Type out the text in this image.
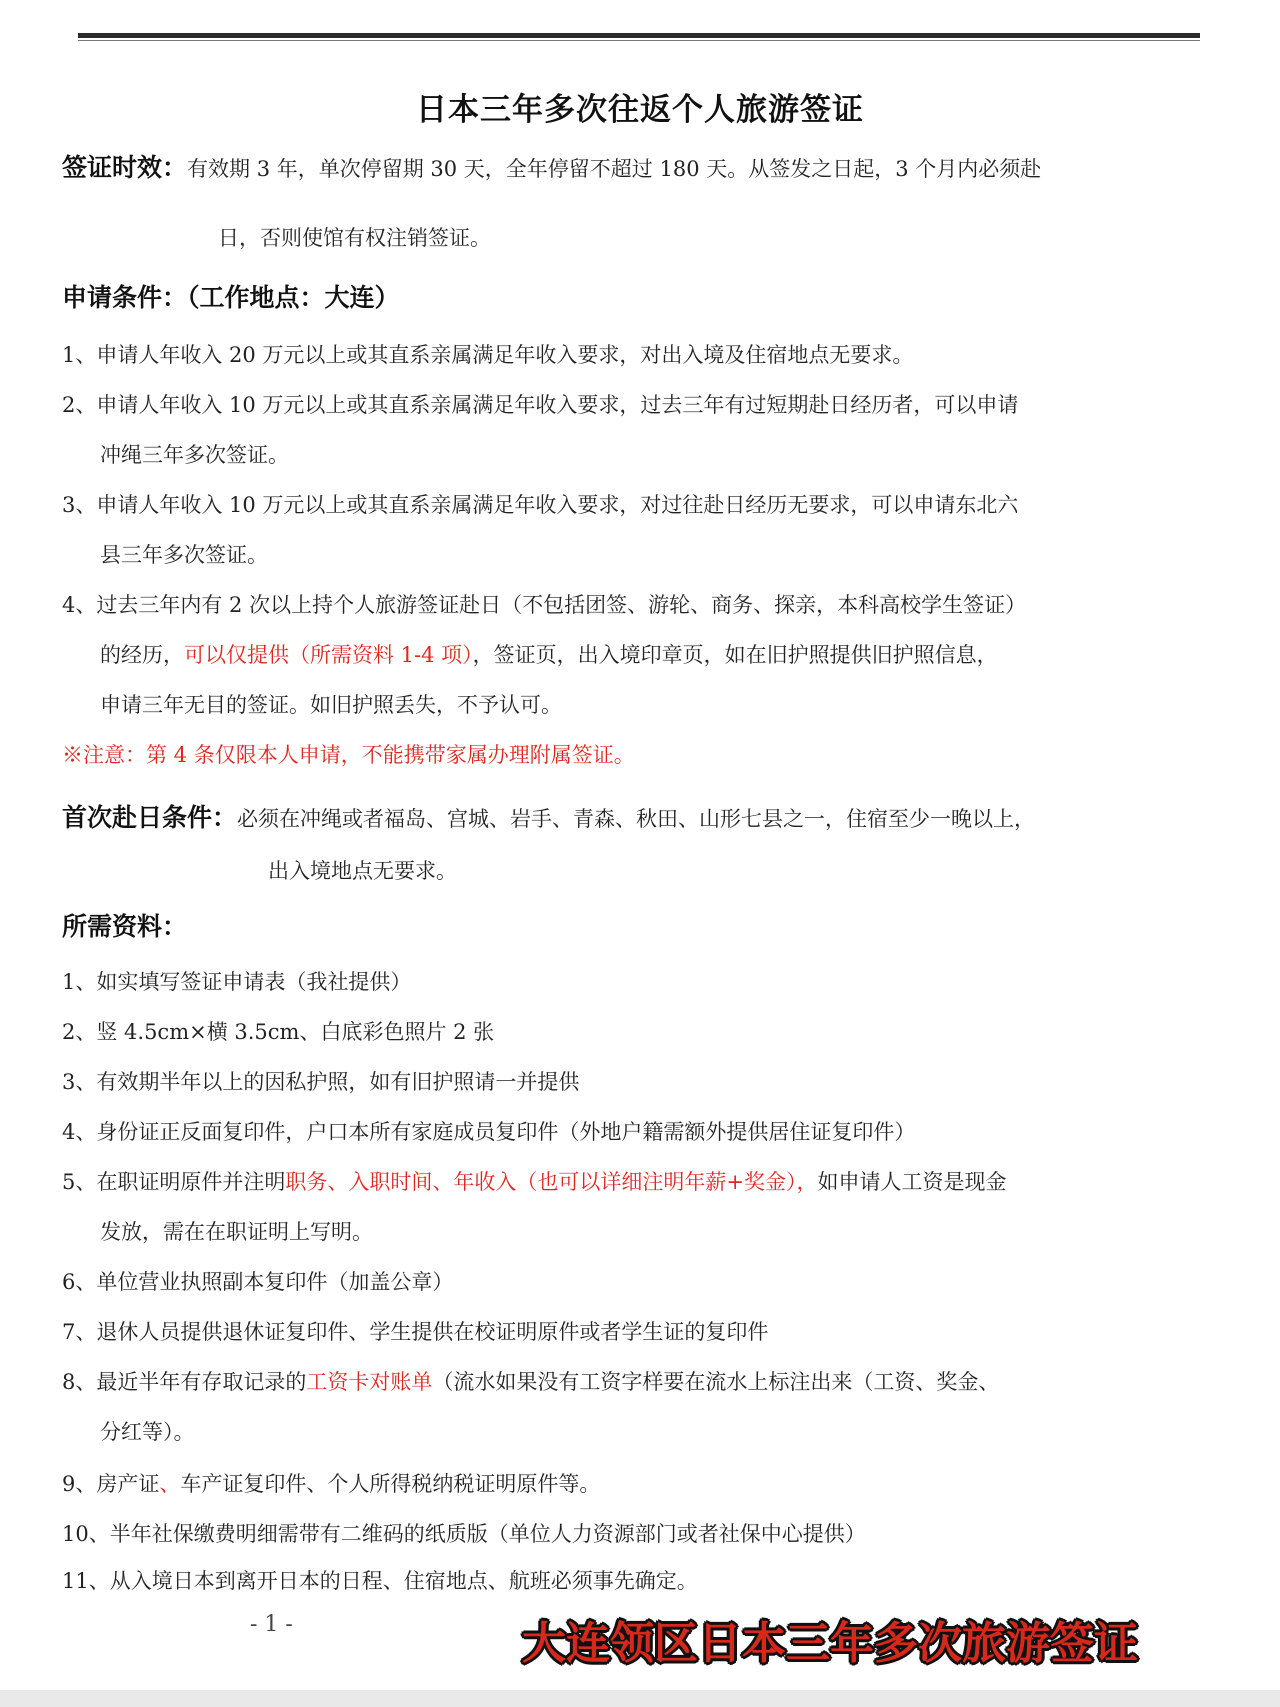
日本三年多次往返个人旅游签证
签证时效：有效期 3 年，单次停留期 30 天，全年停留不超过 180 天。从签发之日起，3 个月内必须赴
日，否则使馆有权注销签证。
申请条件：（工作地点：大连）
1、申请人年收入 20 万元以上或其直系亲属满足年收入要求，对出入境及住宿地点无要求。
2、申请人年收入 10 万元以上或其直系亲属满足年收入要求，过去三年有过短期赴日经历者，可以申请
冲绳三年多次签证。
3、申请人年收入 10 万元以上或其直系亲属满足年收入要求，对过往赴日经历无要求，可以申请东北六
县三年多次签证。
4、过去三年内有 2 次以上持个人旅游签证赴日（不包括团签、游轮、商务、探亲，本科高校学生签证）
的经历，可以仅提供（所需资料 1-4 项），签证页，出入境印章页，如在旧护照提供旧护照信息，
申请三年无目的签证。如旧护照丢失，不予认可。
※注意：第 4 条仅限本人申请，不能携带家属办理附属签证。
首次赴日条件：必须在冲绳或者福岛、宫城、岩手、青森、秋田、山形七县之一，住宿至少一晚以上，
出入境地点无要求。
所需资料：
1、如实填写签证申请表（我社提供）
2、竖 4.5cm×横 3.5cm、白底彩色照片 2 张
3、有效期半年以上的因私护照，如有旧护照请一并提供
4、身份证正反面复印件，户口本所有家庭成员复印件（外地户籍需额外提供居住证复印件）
5、在职证明原件并注明职务、入职时间、年收入（也可以详细注明年薪+奖金），如申请人工资是现金
发放，需在在职证明上写明。
6、单位营业执照副本复印件（加盖公章）
7、退休人员提供退休证复印件、学生提供在校证明原件或者学生证的复印件
8、最近半年有存取记录的工资卡对账单（流水如果没有工资字样要在流水上标注出来（工资、奖金、
分红等）。
9、房产证、车产证复印件、个人所得税纳税证明原件等。
10、半年社保缴费明细需带有二维码的纸质版（单位人力资源部门或者社保中心提供）
11、从入境日本到离开日本的日程、住宿地点、航班必须事先确定。
- 1 -	大连领区日本三年多次旅游签证
